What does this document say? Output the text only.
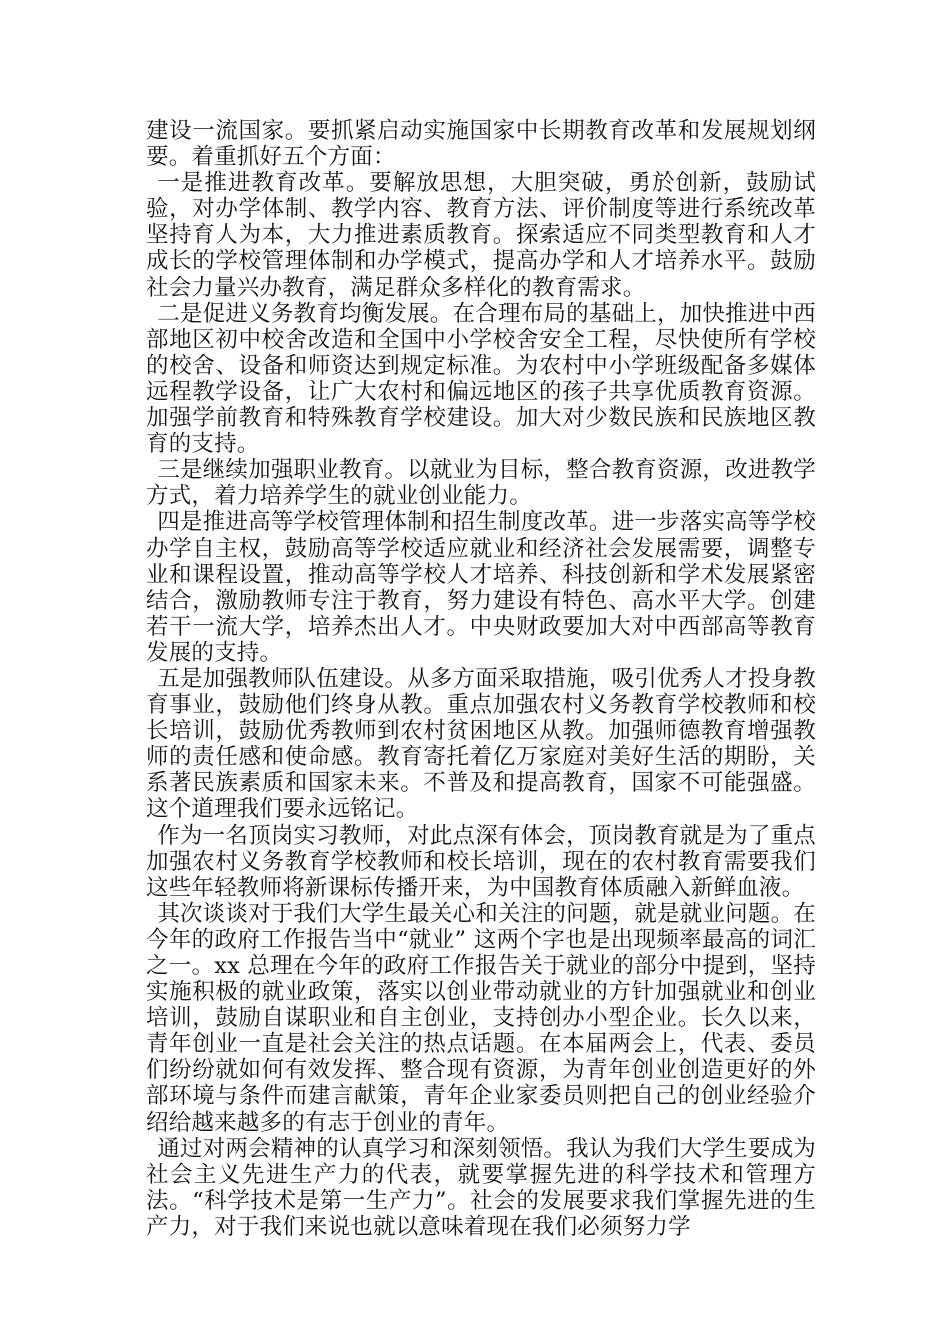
建设一流国家。要抓紧启动实施国家中长期教育改革和发展规划纲要。着重抓好五个方面：

一是推进教育改革。要解放思想，大胆突破，勇於创新，鼓励试验，对办学体制、教学内容、教育方法、评价制度等进行系统改革坚持育人为本，大力推进素质教育。探索适应不同类型教育和人才成长的学校管理体制和办学模式，提高办学和人才培养水平。鼓励社会力量兴办教育，满足群众多样化的教育需求。

二是促进义务教育均衡发展。在合理布局的基础上，加快推进中西部地区初中校舍改造和全国中小学校舍安全工程，尽快使所有学校的校舍、设备和师资达到规定标准。为农村中小学班级配备多媒体远程教学设备，让广大农村和偏远地区的孩子共享优质教育资源。加强学前教育和特殊教育学校建设。加大对少数民族和民族地区教育的支持。

三是继续加强职业教育。以就业为目标，整合教育资源，改进教学方式，着力培养学生的就业创业能力。

四是推进高等学校管理体制和招生制度改革。进一步落实高等学校办学自主权，鼓励高等学校适应就业和经济社会发展需要，调整专业和课程设置，推动高等学校人才培养、科技创新和学术发展紧密结合，激励教师专注于教育，努力建设有特色、高水平大学。创建若干一流大学，培养杰出人才。中央财政要加大对中西部高等教育发展的支持。

五是加强教师队伍建设。从多方面采取措施，吸引优秀人才投身教育事业，鼓励他们终身从教。重点加强农村义务教育学校教师和校长培训，鼓励优秀教师到农村贫困地区从教。加强师德教育增强教师的责任感和使命感。教育寄托着亿万家庭对美好生活的期盼，关系著民族素质和国家未来。不普及和提高教育，国家不可能强盛。这个道理我们要永远铭记。

作为一名顶岗实习教师，对此点深有体会，顶岗教育就是为了重点加强农村义务教育学校教师和校长培训，现在的农村教育需要我们这些年轻教师将新课标传播开来，为中国教育体质融入新鲜血液。

其次谈谈对于我们大学生最关心和关注的问题，就是就业问题。在今年的政府工作报告当中“就业” 这两个字也是出现频率最高的词汇之一。xx 总理在今年的政府工作报告关于就业的部分中提到，坚持实施积极的就业政策，落实以创业带动就业的方针加强就业和创业培训，鼓励自谋职业和自主创业，支持创办小型企业。长久以来，青年创业一直是社会关注的热点话题。在本届两会上，代表、委员们纷纷就如何有效发挥、整合现有资源，为青年创业创造更好的外部环境与条件而建言献策，青年企业家委员则把自己的创业经验介绍给越来越多的有志于创业的青年。

通过对两会精神的认真学习和深刻领悟。我认为我们大学生要成为社会主义先进生产力的代表，就要掌握先进的科学技术和管理方法。“科学技术是第一生产力”。社会的发展要求我们掌握先进的生产力，对于我们来说也就以意味着现在我们必须努力学
